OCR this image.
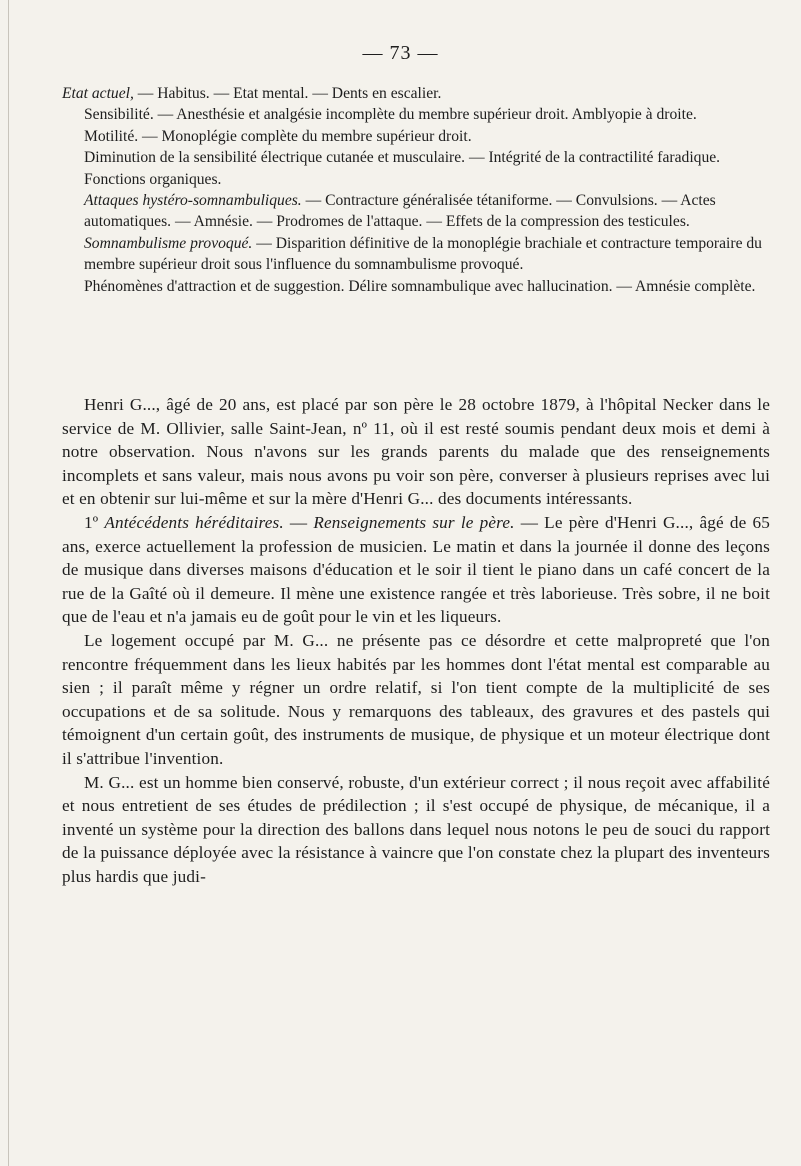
— 73 —

Etat actuel, — Habitus. — Etat mental. — Dents en escalier.

Sensibilité. — Anesthésie et analgésie incomplète du membre supérieur droit. Amblyopie à droite.

Motilité. — Monoplégie complète du membre supérieur droit.

Diminution de la sensibilité électrique cutanée et musculaire. — Intégrité de la contractilité faradique.

Fonctions organiques.

Attaques hystéro-somnambuliques. — Contracture généralisée tétaniforme. — Convulsions. — Actes automatiques. — Amnésie. — Prodromes de l'attaque. — Effets de la compression des testicules.

Somnambulisme provoqué. — Disparition définitive de la monoplégie brachiale et contracture temporaire du membre supérieur droit sous l'influence du somnambulisme provoqué.

Phénomènes d'attraction et de suggestion. Délire somnambulique avec hallucination. — Amnésie complète.

Henri G..., âgé de 20 ans, est placé par son père le 28 octobre 1879, à l'hôpital Necker dans le service de M. Ollivier, salle Saint-Jean, nº 11, où il est resté soumis pendant deux mois et demi à notre observation. Nous n'avons sur les grands parents du malade que des renseignements incomplets et sans valeur, mais nous avons pu voir son père, converser à plusieurs reprises avec lui et en obtenir sur lui-même et sur la mère d'Henri G... des documents intéressants.

1º Antécédents héréditaires. — Renseignements sur le père. — Le père d'Henri G..., âgé de 65 ans, exerce actuellement la profession de musicien. Le matin et dans la journée il donne des leçons de musique dans diverses maisons d'éducation et le soir il tient le piano dans un café concert de la rue de la Gaîté où il demeure. Il mène une existence rangée et très laborieuse. Très sobre, il ne boit que de l'eau et n'a jamais eu de goût pour le vin et les liqueurs.

Le logement occupé par M. G... ne présente pas ce désordre et cette malpropreté que l'on rencontre fréquemment dans les lieux habités par les hommes dont l'état mental est comparable au sien ; il paraît même y régner un ordre relatif, si l'on tient compte de la multiplicité de ses occupations et de sa solitude. Nous y remarquons des tableaux, des gravures et des pastels qui témoignent d'un certain goût, des instruments de musique, de physique et un moteur électrique dont il s'attribue l'invention.

M. G... est un homme bien conservé, robuste, d'un extérieur correct ; il nous reçoit avec affabilité et nous entretient de ses études de prédilection ; il s'est occupé de physique, de mécanique, il a inventé un système pour la direction des ballons dans lequel nous notons le peu de souci du rapport de la puissance déployée avec la résistance à vaincre que l'on constate chez la plupart des inventeurs plus hardis que judi-
